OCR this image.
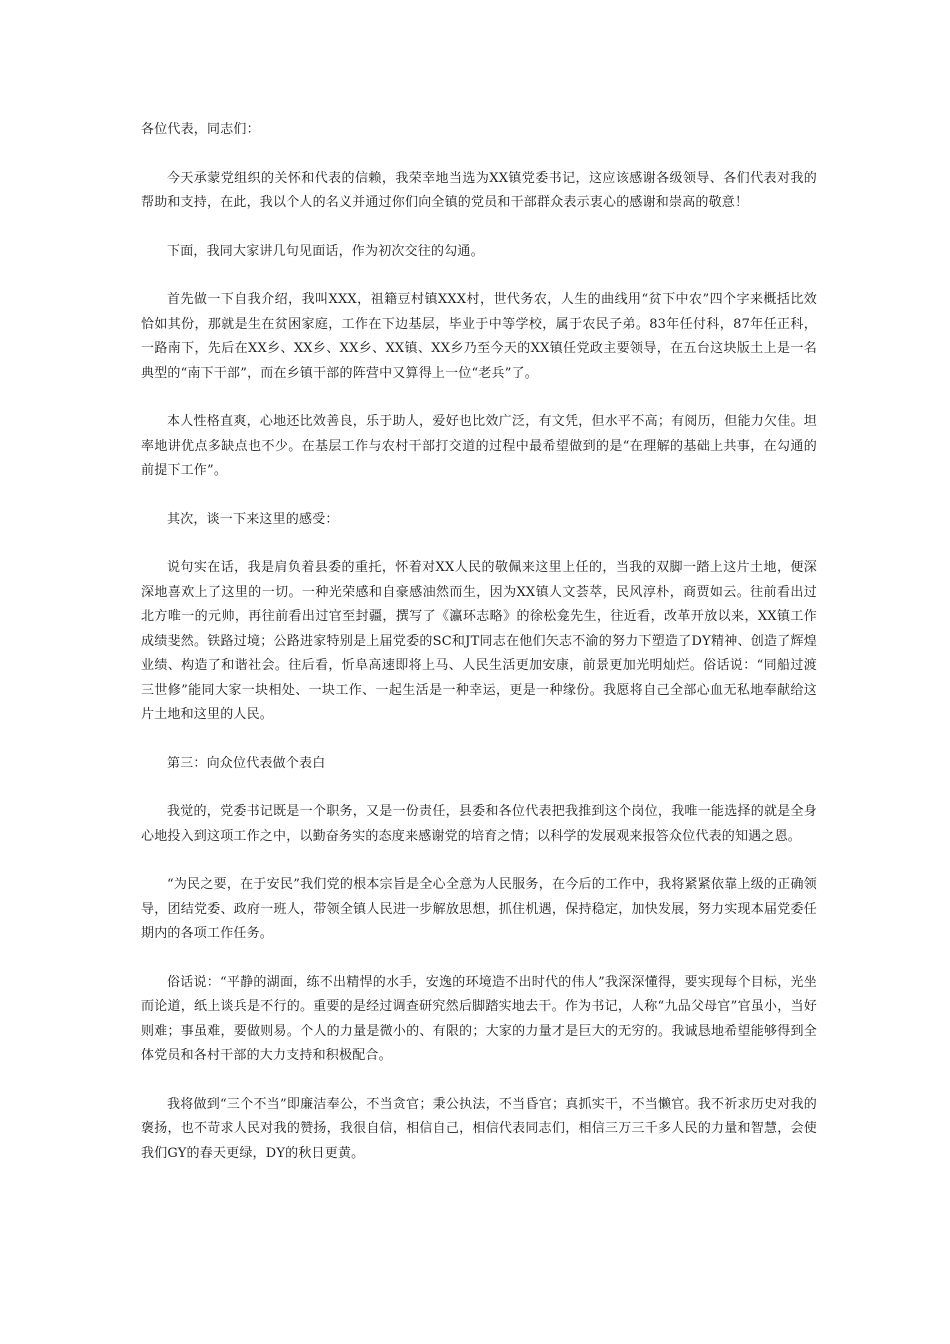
各位代表，同志们：

今天承蒙党组织的关怀和代表的信赖，我荣幸地当选为XX镇党委书记，这应该感谢各级领导、各们代表对我的帮助和支持，在此，我以个人的名义并通过你们向全镇的党员和干部群众表示衷心的感谢和崇高的敬意！

下面，我同大家讲几句见面话，作为初次交往的勾通。

首先做一下自我介绍，我叫XXX，祖籍豆村镇XXX村，世代务农，人生的曲线用“贫下中农”四个字来概括比效恰如其份，那就是生在贫困家庭，工作在下边基层，毕业于中等学校，属于农民子弟。83年任付科，87年任正科，一路南下，先后在XX乡、XX乡、XX乡、XX镇、XX乡乃至今天的XX镇任党政主要领导，在五台这块版土上是一名典型的“南下干部”，而在乡镇干部的阵营中又算得上一位“老兵”了。

本人性格直爽，心地还比效善良，乐于助人，爱好也比效广泛，有文凭，但水平不高；有阅历，但能力欠佳。坦率地讲优点多缺点也不少。在基层工作与农村干部打交道的过程中最希望做到的是“在理解的基础上共事，在勾通的前提下工作”。

其次，谈一下来这里的感受：

说句实在话，我是肩负着县委的重托，怀着对XX人民的敬佩来这里上任的，当我的双脚一踏上这片土地，便深深地喜欢上了这里的一切。一种光荣感和自豪感油然而生，因为XX镇人文荟萃，民风淳朴，商贾如云。往前看出过北方唯一的元帅，再往前看出过官至封疆，撰写了《瀛环志略》的徐松龛先生，往近看，改革开放以来，XX镇工作成绩斐然。铁路过境；公路进家特别是上届党委的SC和JT同志在他们矢志不渝的努力下塑造了DY精神、创造了辉煌业绩、构造了和谐社会。往后看，忻阜高速即将上马、人民生活更加安康，前景更加光明灿烂。俗话说：“同船过渡三世修”能同大家一块相处、一块工作、一起生活是一种幸运，更是一种缘份。我愿将自己全部心血无私地奉献给这片土地和这里的人民。

第三：向众位代表做个表白

我觉的，党委书记既是一个职务，又是一份责任，县委和各位代表把我推到这个岗位，我唯一能选择的就是全身心地投入到这项工作之中，以勤奋务实的态度来感谢党的培育之情；以科学的发展观来报答众位代表的知遇之恩。

“为民之要，在于安民”我们党的根本宗旨是全心全意为人民服务，在今后的工作中，我将紧紧依靠上级的正确领导，团结党委、政府一班人，带领全镇人民进一步解放思想，抓住机遇，保持稳定，加快发展，努力实现本届党委任期内的各项工作任务。

俗话说：“平静的湖面，练不出精悍的水手，安逸的环境造不出时代的伟人”我深深懂得，要实现每个目标，光坐而论道，纸上谈兵是不行的。重要的是经过调查研究然后脚踏实地去干。作为书记，人称“九品父母官”官虽小，当好则难；事虽难，要做则易。个人的力量是微小的、有限的；大家的力量才是巨大的无穷的。我诚恳地希望能够得到全体党员和各村干部的大力支持和积极配合。

我将做到“三个不当”即廉洁奉公，不当贪官；秉公执法，不当昏官；真抓实干，不当懒官。我不祈求历史对我的褒扬，也不苛求人民对我的赞扬，我很自信，相信自己，相信代表同志们，相信三万三千多人民的力量和智慧，会使我们GY的春天更绿，DY的秋日更黄。
